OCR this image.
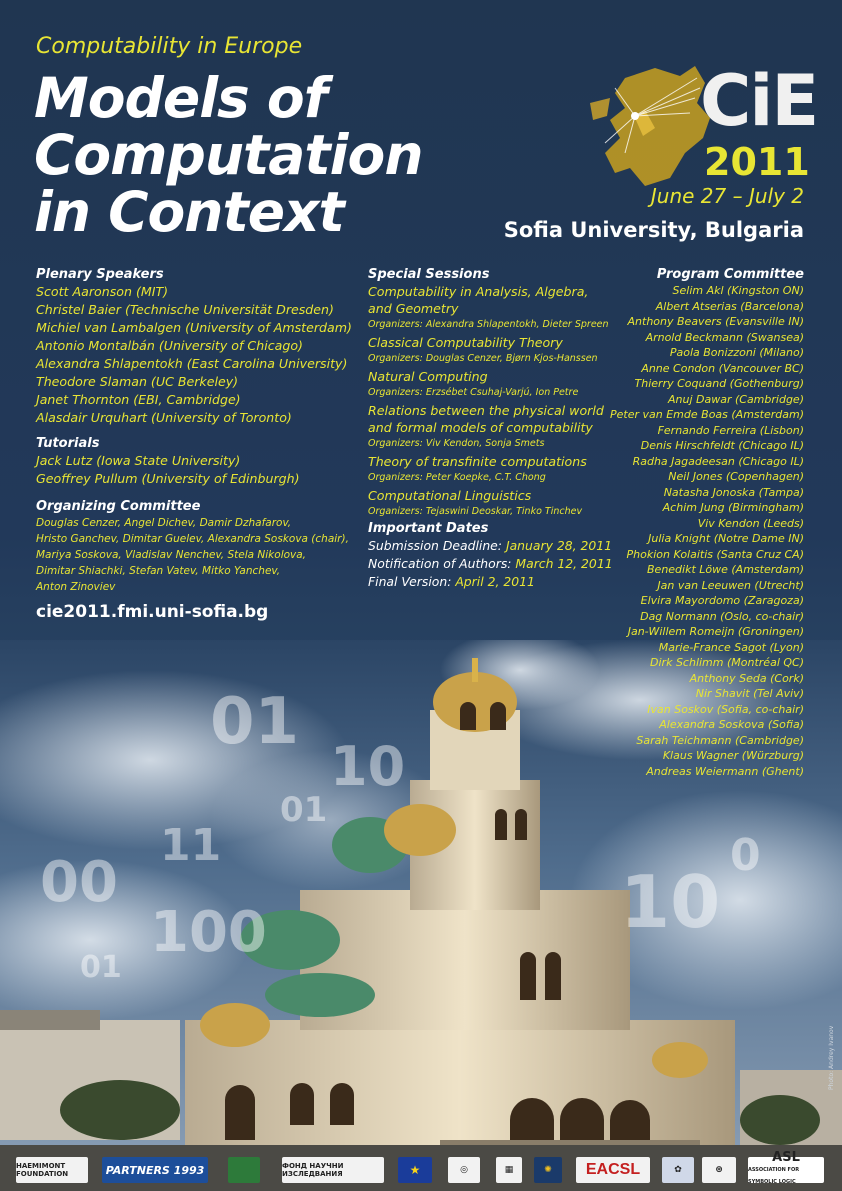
Computability in Europe
Models of
Computation
in Context
CiE
2011
June 27 – July 2
Sofia University, Bulgaria
Plenary Speakers
Scott Aaronson (MIT)
Christel Baier (Technische Universität Dresden)
Michiel van Lambalgen (University of Amsterdam)
Antonio Montalbán (University of Chicago)
Alexandra Shlapentokh (East Carolina University)
Theodore Slaman (UC Berkeley)
Janet Thornton (EBI, Cambridge)
Alasdair Urquhart (University of Toronto)
Tutorials
Jack Lutz (Iowa State University)
Geoffrey Pullum (University of Edinburgh)
Organizing Committee
Douglas Cenzer, Angel Dichev, Damir Dzhafarov,
Hristo Ganchev, Dimitar Guelev, Alexandra Soskova (chair),
Mariya Soskova, Vladislav Nenchev, Stela Nikolova,
Dimitar Shiachki, Stefan Vatev, Mitko Yanchev,
Anton Zinoviev
cie2011.fmi.uni-sofia.bg
Special Sessions
Computability in Analysis, Algebra,
and Geometry
Organizers: Alexandra Shlapentokh, Dieter Spreen
Classical Computability Theory
Organizers: Douglas Cenzer, Bjørn Kjos-Hanssen
Natural Computing
Organizers: Erzsébet Csuhaj-Varjú, Ion Petre
Relations between the physical world
and formal models of computability
Organizers: Viv Kendon, Sonja Smets
Theory of transfinite computations
Organizers: Peter Koepke, C.T. Chong
Computational Linguistics
Organizers: Tejaswini Deoskar, Tinko Tinchev
Important Dates
Submission Deadline: January 28, 2011
Notification of Authors: March 12, 2011
Final Version: April 2, 2011
01
10
00
11
100
01
10
0
01
Program Committee
Selim Akl (Kingston ON)
Albert Atserias (Barcelona)
Anthony Beavers (Evansville IN)
Arnold Beckmann (Swansea)
Paola Bonizzoni (Milano)
Anne Condon (Vancouver BC)
Thierry Coquand (Gothenburg)
Anuj Dawar (Cambridge)
Peter van Emde Boas (Amsterdam)
Fernando Ferreira (Lisbon)
Denis Hirschfeldt (Chicago IL)
Radha Jagadeesan (Chicago IL)
Neil Jones (Copenhagen)
Natasha Jonoska (Tampa)
Achim Jung (Birmingham)
Viv Kendon (Leeds)
Julia Knight (Notre Dame IN)
Phokion Kolaitis (Santa Cruz CA)
Benedikt Löwe (Amsterdam)
Jan van Leeuwen (Utrecht)
Elvira Mayordomo (Zaragoza)
Dag Normann (Oslo, co-chair)
Jan-Willem Romeijn (Groningen)
Marie-France Sagot (Lyon)
Dirk Schlimm (Montréal QC)
Anthony Seda (Cork)
Nir Shavit (Tel Aviv)
Ivan Soskov (Sofia, co-chair)
Alexandra Soskova (Sofia)
Sarah Teichmann (Cambridge)
Klaus Wagner (Würzburg)
Andreas Weiermann (Ghent)
Photo: Andrey Ivanov
HAEMIMONT FOUNDATION	PARTNERS 1993	ФОНД НАУЧНИ ИЗСЛЕДВАНИЯ	★	◎	▦	✺	EACSL	✿	⊛
ASL
ASSOCIATION FOR SYMBOLIC LOGIC
